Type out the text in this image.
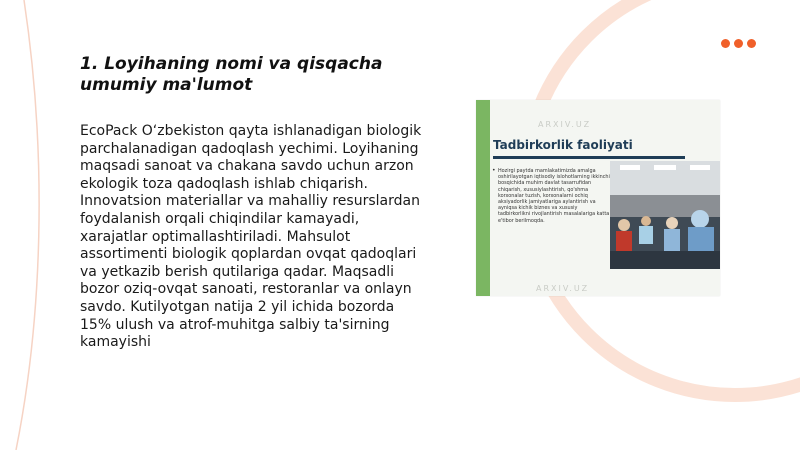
1. Loyihaning nomi va qisqacha umumiy ma'lumot

EcoPack O‘zbekiston qayta ishlanadigan biologik parchalanadigan qadoqlash yechimi. Loyihaning maqsadi sanoat va chakana savdo uchun arzon ekologik toza qadoqlash ishlab chiqarish. Innovatsion materiallar va mahalliy resurslardan foydalanish orqali chiqindilar kamayadi, xarajatlar optimallashtiriladi. Mahsulot assortimenti biologik qoplardan ovqat qadoqlari va yetkazib berish qutilariga qadar. Maqsadli bozor oziq-ovqat sanoati, restoranlar va onlayn savdo. Kutilyotgan natija 2 yil ichida bozorda 15% ulush va atrof-muhitga salbiy ta'sirning kamayishi

ARXIV.UZ
Tadbirkorlik faoliyati
• Hozirgi paytda mamlakatimizda amalga oshirilayotgan iqtisodiy islohotlarning ikkinchi bosqichida muhim davlat tasarrufidan chiqarish, xususiylashtirish, qo'shma korxonalar tuzish, korxonalarni ochiq aksiyadorlik jamiyatlariga aylantirish va ayniqsa kichik biznes va xususiy tadbirkorlikni rivojlantirish masalalariga katta e'tibor berilmoqda.
ARXIV.UZ
